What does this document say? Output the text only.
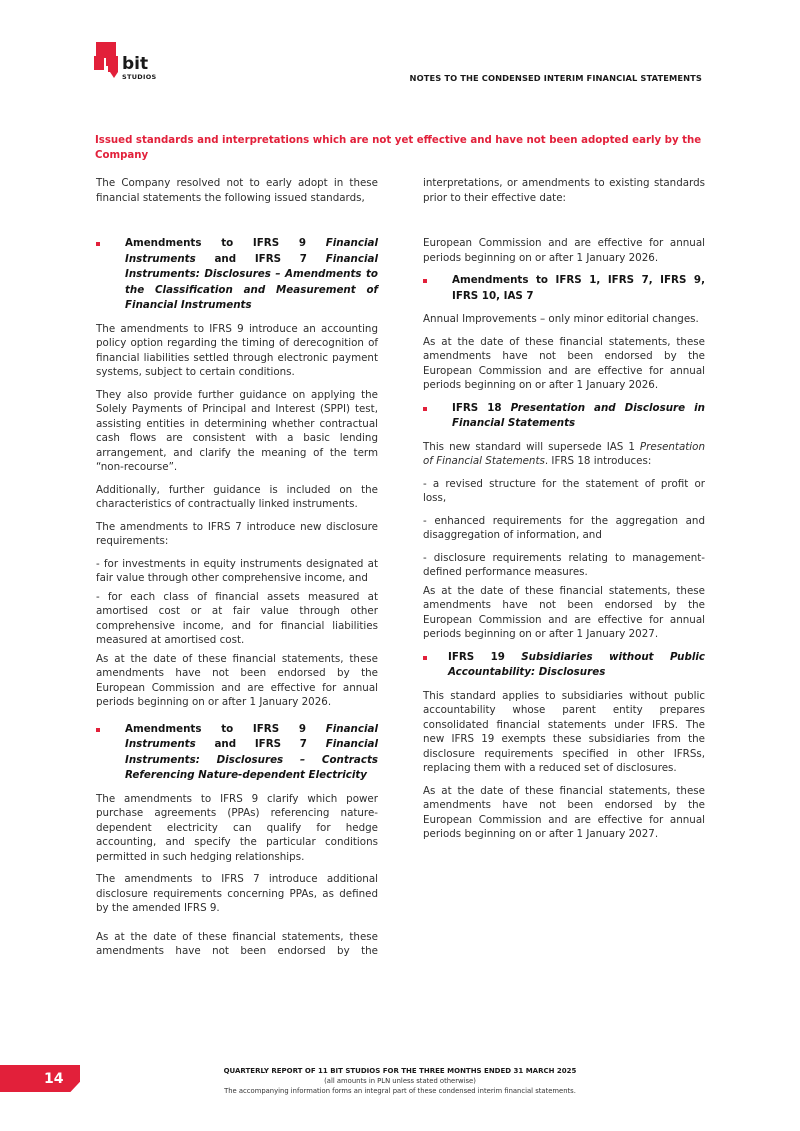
bit
STUDIOS	NOTES TO THE CONDENSED INTERIM FINANCIAL STATEMENTS
Issued standards and interpretations which are not yet effective and have not been adopted early by the Company
The Company resolved not to early adopt in these financial statements the following issued standards,
interpretations, or amendments to existing standards prior to their effective date:
Amendments to IFRS 9 Financial Instruments and IFRS 7 Financial Instruments: Disclosures – Amendments to the Classification and Measurement of Financial Instruments

The amendments to IFRS 9 introduce an accounting policy option regarding the timing of derecognition of financial liabilities settled through electronic payment systems, subject to certain conditions.

They also provide further guidance on applying the Solely Payments of Principal and Interest (SPPI) test, assisting entities in determining whether contractual cash flows are consistent with a basic lending arrangement, and clarify the meaning of the term “non-recourse”.

Additionally, further guidance is included on the characteristics of contractually linked instruments.

The amendments to IFRS 7 introduce new disclosure requirements:

- for investments in equity instruments designated at fair value through other comprehensive income, and

- for each class of financial assets measured at amortised cost or at fair value through other comprehensive income, and for financial liabilities measured at amortised cost.

As at the date of these financial statements, these amendments have not been endorsed by the European Commission and are effective for annual periods beginning on or after 1 January 2026.

Amendments to IFRS 9 Financial Instruments and IFRS 7 Financial Instruments: Disclosures – Contracts Referencing Nature-dependent Electricity

The amendments to IFRS 9 clarify which power purchase agreements (PPAs) referencing nature-dependent electricity can qualify for hedge accounting, and specify the particular conditions permitted in such hedging relationships.

The amendments to IFRS 7 introduce additional disclosure requirements concerning PPAs, as defined by the amended IFRS 9.

As at the date of these financial statements, these amendments have not been endorsed by the

European Commission and are effective for annual periods beginning on or after 1 January 2026.

Amendments to IFRS 1, IFRS 7, IFRS 9, IFRS 10, IAS 7

Annual Improvements – only minor editorial changes.

As at the date of these financial statements, these amendments have not been endorsed by the European Commission and are effective for annual periods beginning on or after 1 January 2026.

IFRS 18 Presentation and Disclosure in Financial Statements

This new standard will supersede IAS 1 Presentation of Financial Statements. IFRS 18 introduces:

- a revised structure for the statement of profit or loss,

- enhanced requirements for the aggregation and disaggregation of information, and

- disclosure requirements relating to management-defined performance measures.

As at the date of these financial statements, these amendments have not been endorsed by the European Commission and are effective for annual periods beginning on or after 1 January 2027.

IFRS 19 Subsidiaries without Public Accountability: Disclosures

This standard applies to subsidiaries without public accountability whose parent entity prepares consolidated financial statements under IFRS. The new IFRS 19 exempts these subsidiaries from the disclosure requirements specified in other IFRSs, replacing them with a reduced set of disclosures.

As at the date of these financial statements, these amendments have not been endorsed by the European Commission and are effective for annual periods beginning on or after 1 January 2027.

14	QUARTERLY REPORT OF 11 BIT STUDIOS FOR THE THREE MONTHS ENDED 31 MARCH 2025
(all amounts in PLN unless stated otherwise)
The accompanying information forms an integral part of these condensed interim financial statements.
